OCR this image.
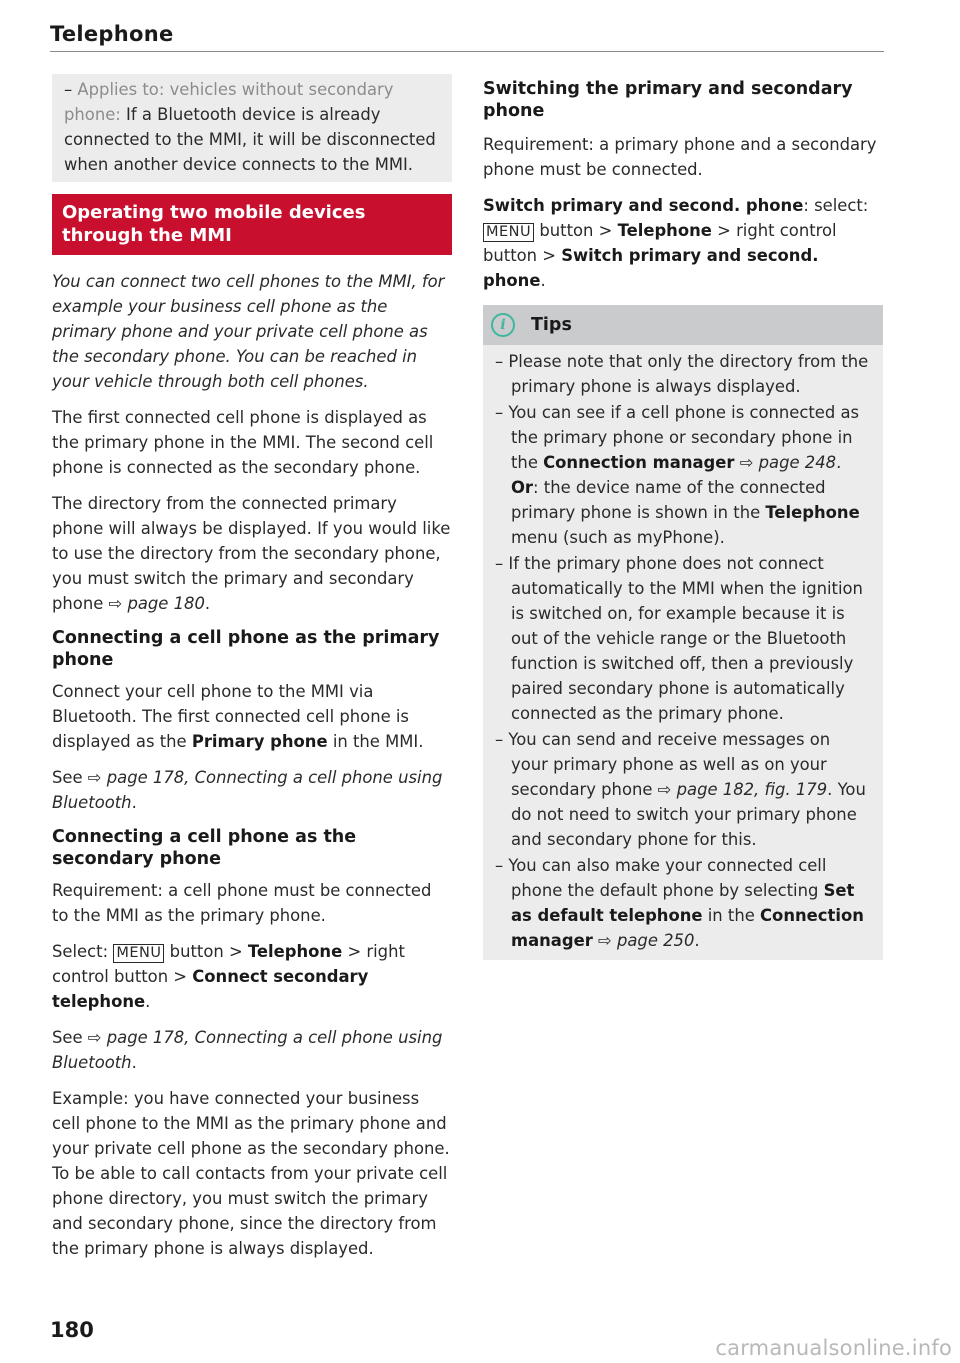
Telephone

– Applies to: vehicles without secondary phone: If a Bluetooth device is already connected to the MMI, it will be disconnected when another device connects to the MMI.

Operating two mobile devices through the MMI

You can connect two cell phones to the MMI, for example your business cell phone as the primary phone and your private cell phone as the secondary phone. You can be reached in your vehicle through both cell phones.

The first connected cell phone is displayed as the primary phone in the MMI. The second cell phone is connected as the secondary phone.

The directory from the connected primary phone will always be displayed. If you would like to use the directory from the secondary phone, you must switch the primary and secondary phone ⇨ page 180.

Connecting a cell phone as the primary phone

Connect your cell phone to the MMI via Bluetooth. The first connected cell phone is displayed as the Primary phone in the MMI.

See ⇨ page 178, Connecting a cell phone using Bluetooth.

Connecting a cell phone as the secondary phone

Requirement: a cell phone must be connected to the MMI as the primary phone.

Select: MENU button > Telephone > right control button > Connect secondary telephone.

See ⇨ page 178, Connecting a cell phone using Bluetooth.

Example: you have connected your business cell phone to the MMI as the primary phone and your private cell phone as the secondary phone. To be able to call contacts from your private cell phone directory, you must switch the primary and secondary phone, since the directory from the primary phone is always displayed.

Switching the primary and secondary phone

Requirement: a primary phone and a secondary phone must be connected.

Switch primary and second. phone: select: MENU button > Telephone > right control button > Switch primary and second. phone.

i	Tips
– Please note that only the directory from the primary phone is always displayed.
– You can see if a cell phone is connected as the primary phone or secondary phone in the Connection manager ⇨ page 248. Or: the device name of the connected primary phone is shown in the Telephone menu (such as myPhone).
– If the primary phone does not connect automatically to the MMI when the ignition is switched on, for example because it is out of the vehicle range or the Bluetooth function is switched off, then a previously paired secondary phone is automatically connected as the primary phone.
– You can send and receive messages on your primary phone as well as on your secondary phone ⇨ page 182, fig. 179. You do not need to switch your primary phone and secondary phone for this.
– You can also make your connected cell phone the default phone by selecting Set as default telephone in the Connection manager ⇨ page 250.
180
carmanualsonline.info
